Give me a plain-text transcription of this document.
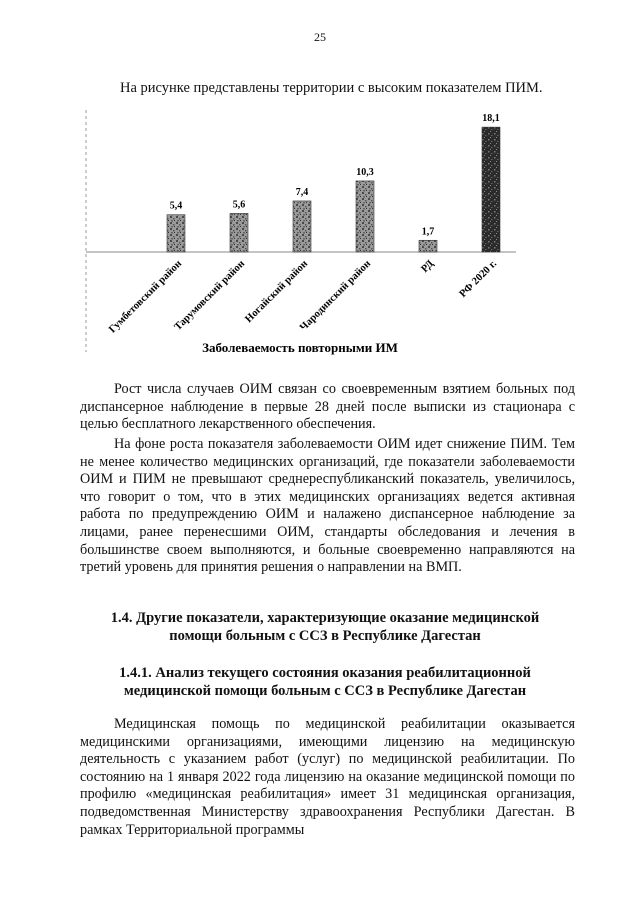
25
На рисунке представлены территории с высоким показателем ПИМ.
5,4	5,6
7,4
10,3
1,7
18,1
Гумбетовский район
Тарумовский район
Ногайский район
Чародинский район	РД РФ 2020 г.
Заболеваемость повторными ИМ
Рост числа случаев ОИМ связан со своевременным взятием больных под диспансерное наблюдение в первые 28 дней после выписки из стационара с целью бесплатного лекарственного обеспечения.
На фоне роста показателя заболеваемости ОИМ идет снижение ПИМ. Тем не менее количество медицинских организаций, где показатели заболеваемости ОИМ и ПИМ не превышают среднереспубликанский показатель, увеличилось, что говорит о том, что в этих медицинских организациях ведется активная работа по предупреждению ОИМ и налажено диспансерное наблюдение за лицами, ранее перенесшими ОИМ, стандарты обследования и лечения в большинстве своем выполняются, и больные своевременно направляются на третий уровень для принятия решения о направлении на ВМП.
1.4. Другие показатели, характеризующие оказание медицинской помощи больным с ССЗ в Республике Дагестан
1.4.1. Анализ текущего состояния оказания реабилитационной медицинской помощи больным с ССЗ в Республике Дагестан
Медицинская помощь по медицинской реабилитации оказывается медицинскими организациями, имеющими лицензию на медицинскую деятельность с указанием работ (услуг) по медицинской реабилитации. По состоянию на 1 января 2022 года лицензию на оказание медицинской помощи по профилю «медицинская реабилитация» имеет 31 медицинская организация, подведомственная Министерству здравоохранения Республики Дагестан. В рамках Территориальной программы
